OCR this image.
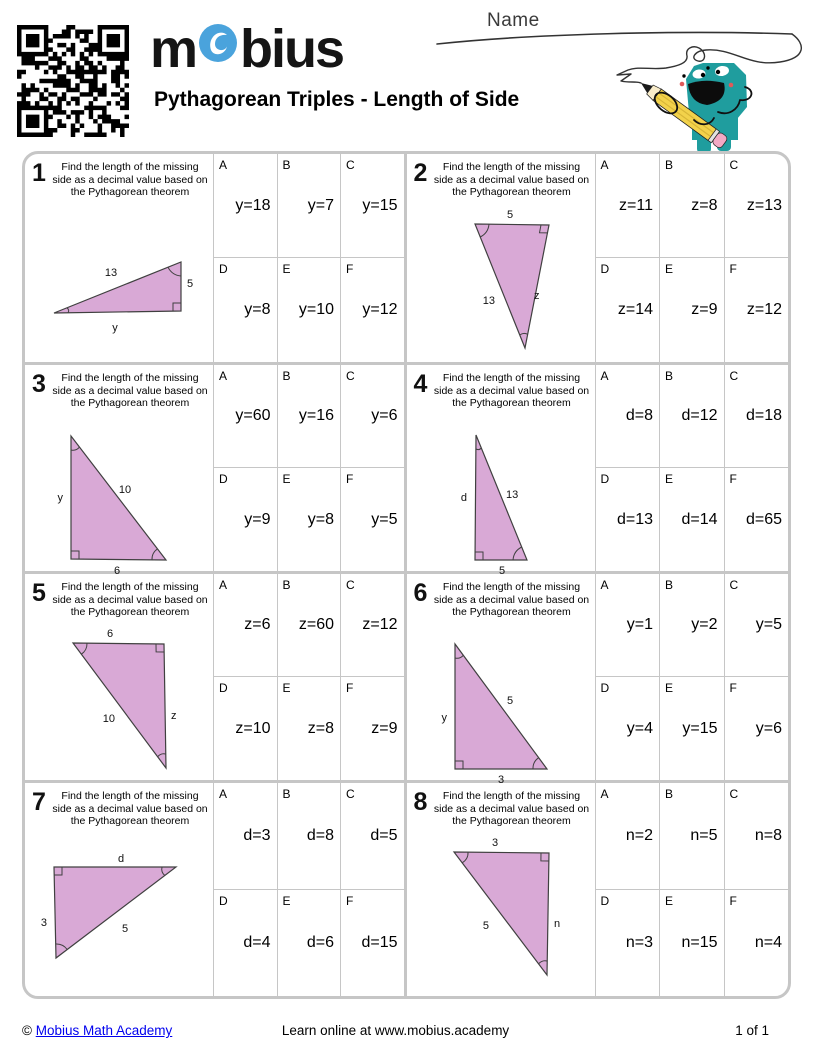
m bius
Pythagorean Triples - Length of Side
Name
1	Find the length of the missing side as a decimal value based on the Pythagorean theorem
13
5
y
A
y=18
B
y=7
C
y=15
D
y=8
E
y=10
F
y=12
2	Find the length of the missing side as a decimal value based on the Pythagorean theorem
5
13	z
A
z=11
B
z=8
C
z=13
D
z=14
E
z=9
F
z=12
3	Find the length of the missing side as a decimal value based on the Pythagorean theorem
y
10
6
A
y=60
B
y=16
C
y=6
D
y=9
E
y=8
F
y=5
4	Find the length of the missing side as a decimal value based on the Pythagorean theorem
d	13
5
A
d=8
B
d=12
C
d=18
D
d=13
E
d=14
F
d=65
5	Find the length of the missing side as a decimal value based on the Pythagorean theorem
6
10	z
A
z=6
B
z=60
C
z=12
D
z=10
E
z=8
F
z=9
6	Find the length of the missing side as a decimal value based on the Pythagorean theorem
y
5
3
A
y=1
B
y=2
C
y=5
D
y=4
E
y=15
F
y=6
7	Find the length of the missing side as a decimal value based on the Pythagorean theorem
d
3	5
A
d=3
B
d=8
C
d=5
D
d=4
E
d=6
F
d=15
8	Find the length of the missing side as a decimal value based on the Pythagorean theorem
3
5	n
A
n=2
B
n=5
C
n=8
D
n=3
E
n=15
F
n=4
© Mobius Math Academy	Learn online at www.mobius.academy	1 of 1
